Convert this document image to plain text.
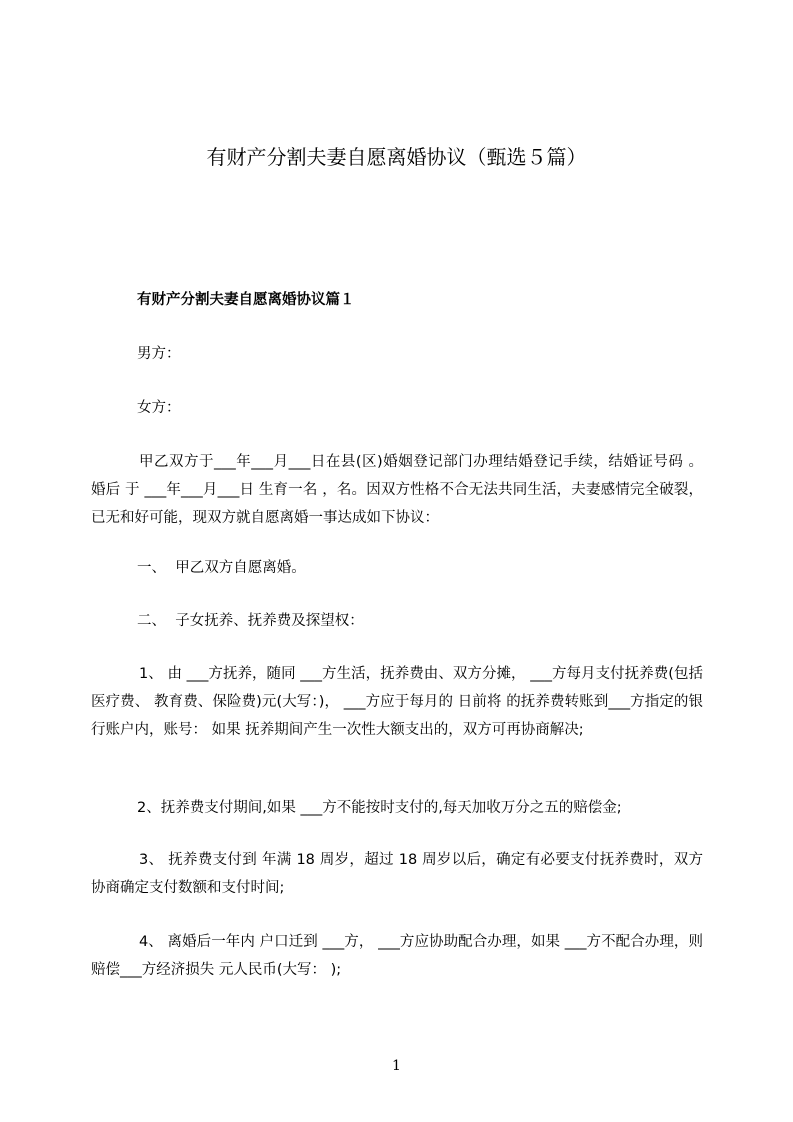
有财产分割夫妻自愿离婚协议（甄选５篇）
有财产分割夫妻自愿离婚协议篇１

男方：

女方：

甲乙双方于___年___月___日在县(区)婚姻登记部门办理结婚登记手续，结婚证号码 。 婚后 于 ___年___月___日 生育一名 ，名。因双方性格不合无法共同生活，夫妻感情完全破裂，已无和好可能，现双方就自愿离婚一事达成如下协议：

一、  甲乙双方自愿离婚。

二、  子女抚养、抚养费及探望权：

1、 由 ___方抚养，随同 ___方生活，抚养费由、双方分摊， ___方每月支付抚养费(包括医疗费、 教育费、保险费)元(大写：)， ___方应于每月的 日前将 的抚养费转账到___方指定的银行账户内，账号： 如果 抚养期间产生一次性大额支出的，双方可再协商解决;

2、抚养费支付期间,如果 ___方不能按时支付的,每天加收万分之五的赔偿金;

3、 抚养费支付到 年满 18 周岁，超过 18 周岁以后，确定有必要支付抚养费时，双方协商确定支付数额和支付时间;

4、 离婚后一年内 户口迁到 ___方， ___方应协助配合办理，如果 ___方不配合办理，则赔偿___方经济损失 元人民币(大写： );

1
